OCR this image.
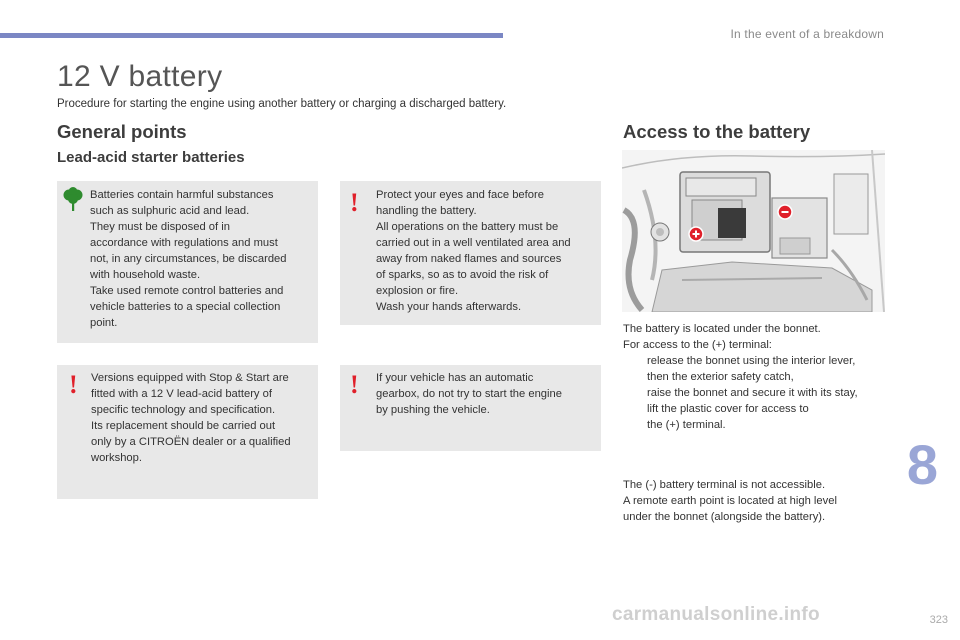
In the event of a breakdown
12 V battery
Procedure for starting the engine using another battery or charging a discharged battery.
General points
Lead-acid starter batteries
Batteries contain harmful substances
such as sulphuric acid and lead.
They must be disposed of in
accordance with regulations and must
not, in any circumstances, be discarded
with household waste.
Take used remote control batteries and
vehicle batteries to a special collection
point.
! Protect your eyes and face before
handling the battery.
All operations on the battery must be
carried out in a well ventilated area and
away from naked flames and sources
of sparks, so as to avoid the risk of
explosion or fire.
Wash your hands afterwards.
! Versions equipped with Stop & Start are
fitted with a 12 V lead-acid battery of
specific technology and specification.
Its replacement should be carried out
only by a CITROËN dealer or a qualified
workshop.
! If your vehicle has an automatic
gearbox, do not try to start the engine
by pushing the vehicle.
Access to the battery
The battery is located under the bonnet.
For access to the (+) terminal:
release the bonnet using the interior lever,
then the exterior safety catch,
raise the bonnet and secure it with its stay,
lift the plastic cover for access to
the (+) terminal.
The (-) battery terminal is not accessible.
A remote earth point is located at high level
under the bonnet (alongside the battery).
8
323
carmanualsonline.info
